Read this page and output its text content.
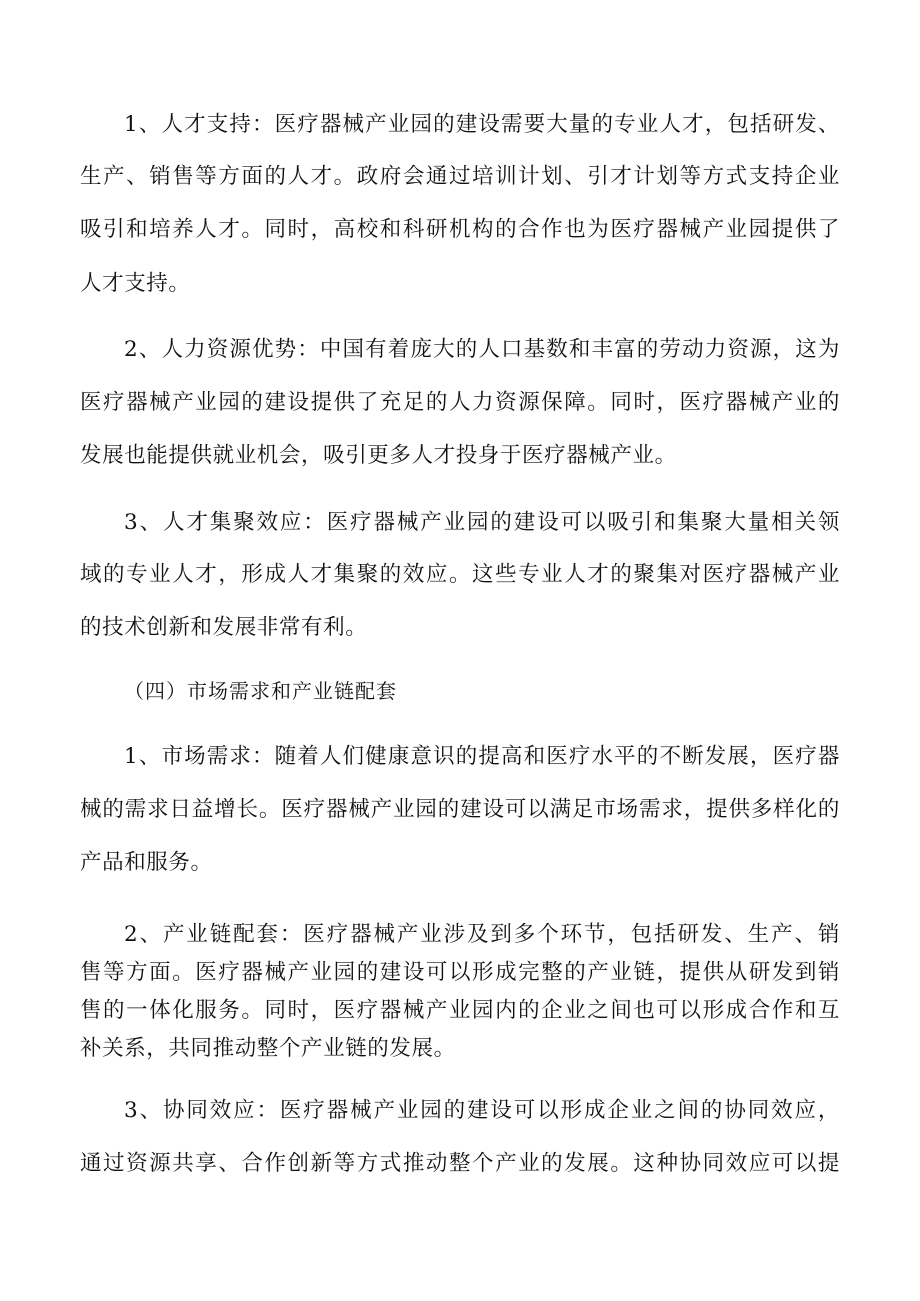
1、人才支持：医疗器械产业园的建设需要大量的专业人才，包括研发、
生产、销售等方面的人才。政府会通过培训计划、引才计划等方式支持企业
吸引和培养人才。同时，高校和科研机构的合作也为医疗器械产业园提供了
人才支持。
2、人力资源优势：中国有着庞大的人口基数和丰富的劳动力资源，这为
医疗器械产业园的建设提供了充足的人力资源保障。同时，医疗器械产业的
发展也能提供就业机会，吸引更多人才投身于医疗器械产业。
3、人才集聚效应：医疗器械产业园的建设可以吸引和集聚大量相关领
域的专业人才，形成人才集聚的效应。这些专业人才的聚集对医疗器械产业
的技术创新和发展非常有利。
（四）市场需求和产业链配套
1、市场需求：随着人们健康意识的提高和医疗水平的不断发展，医疗器
械的需求日益增长。医疗器械产业园的建设可以满足市场需求，提供多样化的
产品和服务。
2、产业链配套：医疗器械产业涉及到多个环节，包括研发、生产、销
售等方面。医疗器械产业园的建设可以形成完整的产业链，提供从研发到销
售的一体化服务。同时，医疗器械产业园内的企业之间也可以形成合作和互
补关系，共同推动整个产业链的发展。
3、协同效应：医疗器械产业园的建设可以形成企业之间的协同效应，
通过资源共享、合作创新等方式推动整个产业的发展。这种协同效应可以提
